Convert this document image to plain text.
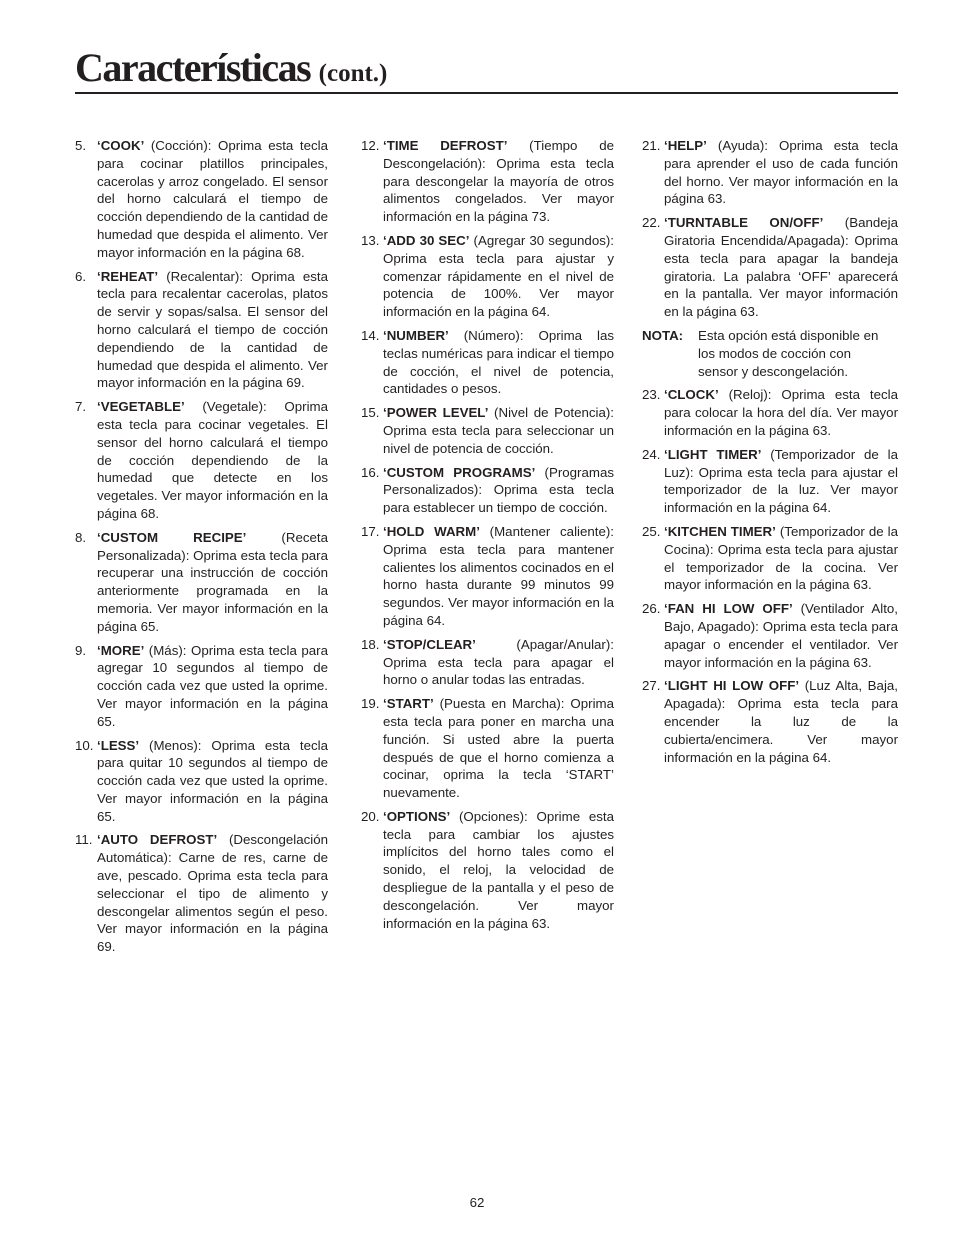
Características (cont.)
5. ‘COOK’ (Cocción): Oprima esta tecla para cocinar platillos principales, cacerolas y arroz congelado. El sensor del horno calculará el tiempo de cocción dependiendo de la cantidad de humedad que despida el alimento. Ver mayor información en la página 68.
6. ‘REHEAT’ (Recalentar): Oprima esta tecla para recalentar cacerolas, platos de servir y sopas/salsa. El sensor del horno calculará el tiempo de cocción dependiendo de la cantidad de humedad que despida el alimento. Ver mayor información en la página 69.
7. ‘VEGETABLE’ (Vegetale): Oprima esta tecla para cocinar vegetales. El sensor del horno calculará el tiempo de cocción dependiendo de la humedad que detecte en los vegetales. Ver mayor información en la página 68.
8. ‘CUSTOM RECIPE’ (Receta Personalizada): Oprima esta tecla para recuperar una instrucción de cocción anteriormente programada en la memoria. Ver mayor información en la página 65.
9. ‘MORE’ (Más): Oprima esta tecla para agregar 10 segundos al tiempo de cocción cada vez que usted la oprime. Ver mayor información en la página 65.
10. ‘LESS’ (Menos): Oprima esta tecla para quitar 10 segundos al tiempo de cocción cada vez que usted la oprime. Ver mayor información en la página 65.
11. ‘AUTO DEFROST’ (Descongelación Automática): Carne de res, carne de ave, pescado. Oprima esta tecla para seleccionar el tipo de alimento y descongelar alimentos según el peso. Ver mayor información en la página 69.
12. ‘TIME DEFROST’ (Tiempo de Descongelación): Oprima esta tecla para descongelar la mayoría de otros alimentos congelados. Ver mayor información en la página 73.
13. ‘ADD 30 SEC’ (Agregar 30 segundos): Oprima esta tecla para ajustar y comenzar rápidamente en el nivel de potencia de 100%. Ver mayor información en la página 64.
14. ‘NUMBER’ (Número): Oprima las teclas numéricas para indicar el tiempo de cocción, el nivel de potencia, cantidades o pesos.
15. ‘POWER LEVEL’ (Nivel de Potencia): Oprima esta tecla para seleccionar un nivel de potencia de cocción.
16. ‘CUSTOM PROGRAMS’ (Programas Personalizados): Oprima esta tecla para establecer un tiempo de cocción.
17. ‘HOLD WARM’ (Mantener caliente): Oprima esta tecla para mantener calientes los alimentos cocinados en el horno hasta durante 99 minutos 99 segundos. Ver mayor información en la página 64.
18. ‘STOP/CLEAR’ (Apagar/Anular): Oprima esta tecla para apagar el horno o anular todas las entradas.
19. ‘START’ (Puesta en Marcha): Oprima esta tecla para poner en marcha una función. Si usted abre la puerta después de que el horno comienza a cocinar, oprima la tecla ‘START’ nuevamente.
20. ‘OPTIONS’ (Opciones): Oprime esta tecla para cambiar los ajustes implícitos del horno tales como el sonido, el reloj, la velocidad de despliegue de la pantalla y el peso de descongelación. Ver mayor información en la página 63.
21. ‘HELP’ (Ayuda): Oprima esta tecla para aprender el uso de cada función del horno. Ver mayor información en la página 63.
22. ‘TURNTABLE ON/OFF’ (Bandeja Giratoria Encendida/Apagada): Oprima esta tecla para apagar la bandeja giratoria. La palabra ‘OFF’ aparecerá en la pantalla. Ver mayor información en la página 63.
NOTA:	Esta opción está disponible en los modos de cocción con sensor y descongelación.
23. ‘CLOCK’ (Reloj): Oprima esta tecla para colocar la hora del día. Ver mayor información en la página 63.
24. ‘LIGHT TIMER’ (Temporizador de la Luz): Oprima esta tecla para ajustar el temporizador de la luz. Ver mayor información en la página 64.
25. ‘KITCHEN TIMER’ (Temporizador de la Cocina): Oprima esta tecla para ajustar el temporizador de la cocina. Ver mayor información en la página 63.
26. ‘FAN HI LOW OFF’ (Ventilador Alto, Bajo, Apagado): Oprima esta tecla para apagar o encender el ventilador. Ver mayor información en la página 63.
27. ‘LIGHT HI LOW OFF’ (Luz Alta, Baja, Apagada): Oprima esta tecla para encender la luz de la cubierta/encimera. Ver mayor información en la página 64.
62
